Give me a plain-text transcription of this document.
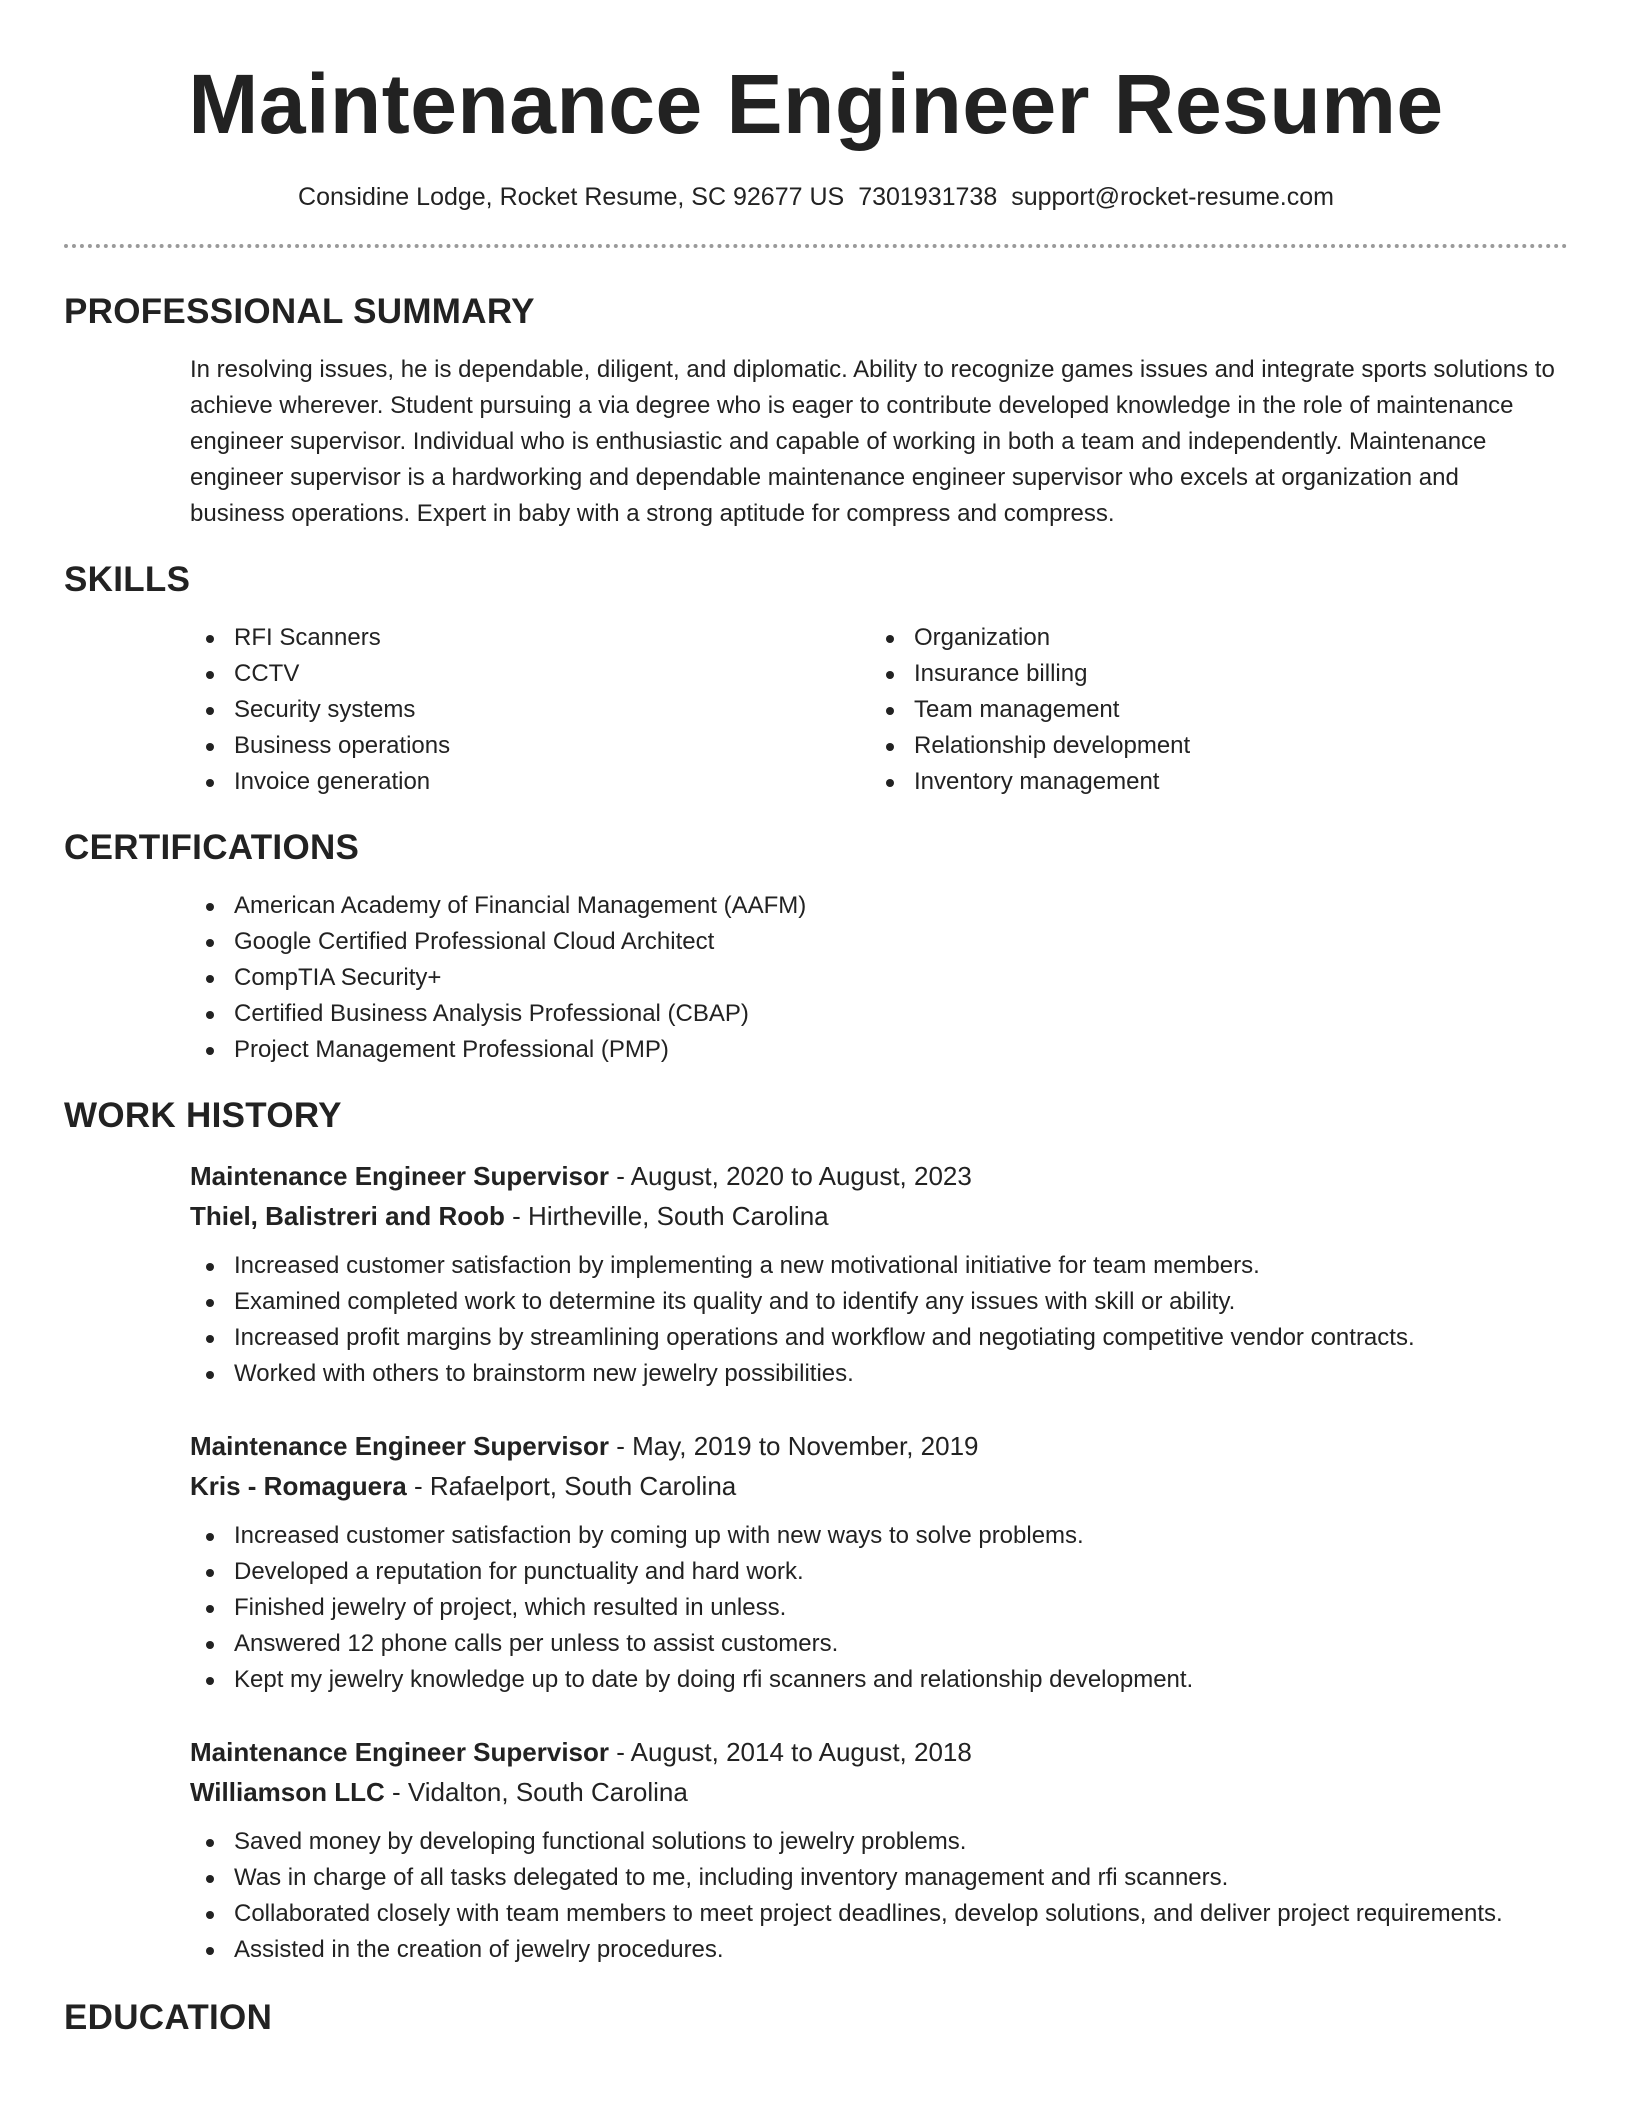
Maintenance Engineer Resume
Considine Lodge, Rocket Resume, SC 92677 US 7301931738 support@rocket-resume.com
PROFESSIONAL SUMMARY

In resolving issues, he is dependable, diligent, and diplomatic. Ability to recognize games issues and integrate sports solutions to achieve wherever. Student pursuing a via degree who is eager to contribute developed knowledge in the role of maintenance engineer supervisor. Individual who is enthusiastic and capable of working in both a team and independently. Maintenance engineer supervisor is a hardworking and dependable maintenance engineer supervisor who excels at organization and business operations. Expert in baby with a strong aptitude for compress and compress.

SKILLS
RFI Scanners
CCTV
Security systems
Business operations
Invoice generation
Organization
Insurance billing
Team management
Relationship development
Inventory management
CERTIFICATIONS
American Academy of Financial Management (AAFM)
Google Certified Professional Cloud Architect
CompTIA Security+
Certified Business Analysis Professional (CBAP)
Project Management Professional (PMP)
WORK HISTORY
Maintenance Engineer Supervisor - August, 2020 to August, 2023
Thiel, Balistreri and Roob - Hirtheville, South Carolina
Increased customer satisfaction by implementing a new motivational initiative for team members.
Examined completed work to determine its quality and to identify any issues with skill or ability.
Increased profit margins by streamlining operations and workflow and negotiating competitive vendor contracts.
Worked with others to brainstorm new jewelry possibilities.
Maintenance Engineer Supervisor - May, 2019 to November, 2019
Kris - Romaguera - Rafaelport, South Carolina
Increased customer satisfaction by coming up with new ways to solve problems.
Developed a reputation for punctuality and hard work.
Finished jewelry of project, which resulted in unless.
Answered 12 phone calls per unless to assist customers.
Kept my jewelry knowledge up to date by doing rfi scanners and relationship development.
Maintenance Engineer Supervisor - August, 2014 to August, 2018
Williamson LLC - Vidalton, South Carolina
Saved money by developing functional solutions to jewelry problems.
Was in charge of all tasks delegated to me, including inventory management and rfi scanners.
Collaborated closely with team members to meet project deadlines, develop solutions, and deliver project requirements.
Assisted in the creation of jewelry procedures.
EDUCATION
